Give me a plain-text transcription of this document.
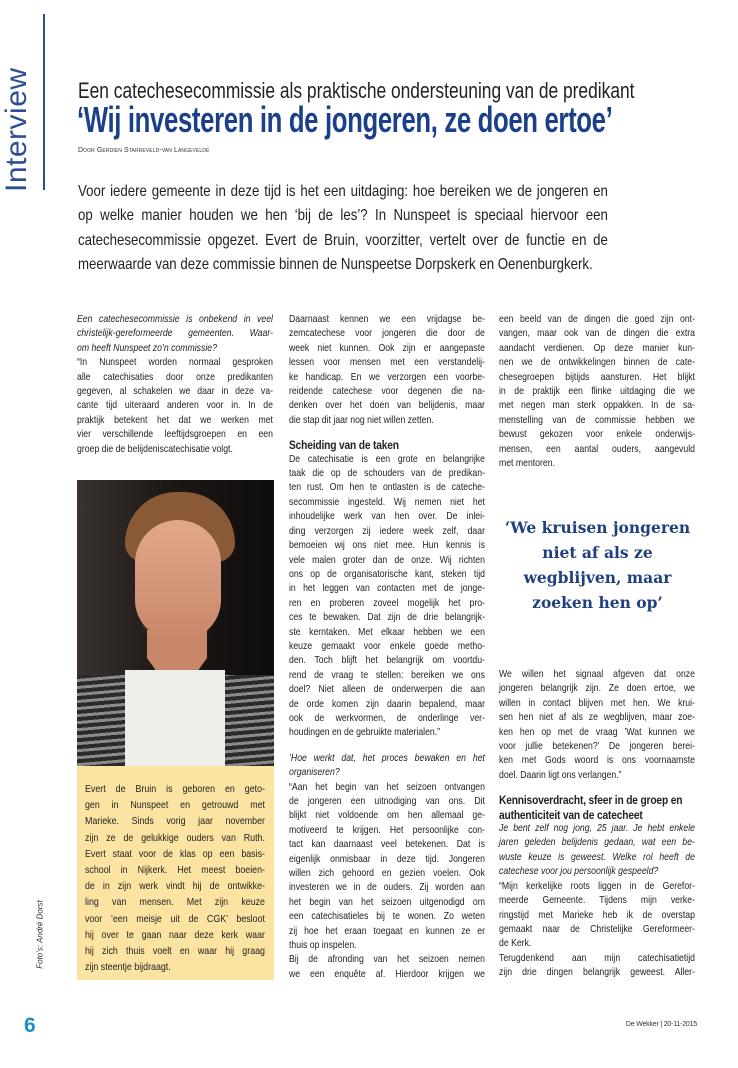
Interview Een catechesecommissie als praktische ondersteuning van de predikant
‘Wij investeren in de jongeren, ze doen ertoe’
Door Gerdien Starreveld-van Langevelde
Voor iedere gemeente in deze tijd is het een uitdaging: hoe bereiken we de jongeren en
op welke manier houden we hen ‘bij de les’? In Nunspeet is speciaal hiervoor een
catechesecommissie opgezet. Evert de Bruin, voorzitter, vertelt over de functie en de
meerwaarde van deze commissie binnen de Nunspeetse Dorpskerk en Oenenburgkerk.
Een catechesecommissie is onbekend in veel
christelijk-gereformeerde gemeenten. Waar-
om heeft Nunspeet zo’n commissie?
“In Nunspeet worden normaal gesproken
alle catechisaties door onze predikanten
gegeven, al schakelen we daar in deze va-
cante tijd uiteraard anderen voor in. In de
praktijk betekent het dat we werken met
vier verschillende leeftijdsgroepen en een
groep die de belijdeniscatechisatie volgt.
Daarnaast kennen we een vrijdagse be-
zemcatechese voor jongeren die door de
week niet kunnen. Ook zijn er aangepaste
lessen voor mensen met een verstandelij-
ke handicap. En we verzorgen een voorbe-
reidende catechese voor degenen die na-
denken over het doen van belijdenis, maar
die stap dit jaar nog niet willen zetten.
Scheiding van de taken
De catechisatie is een grote en belangrijke
taak die op de schouders van de predikan-
ten rust. Om hen te ontlasten is de cateche-
secommissie ingesteld. Wij nemen niet het
inhoudelijke werk van hen over. De inlei-
ding verzorgen zij iedere week zelf, daar
bemoeien wij ons niet mee. Hun kennis is
vele malen groter dan de onze. Wij richten
ons op de organisatorische kant, steken tijd
in het leggen van contacten met de jonge-
ren en proberen zoveel mogelijk het pro-
ces te bewaken. Dat zijn de drie belangrijk-
ste kerntaken. Met elkaar hebben we een
keuze gemaakt voor enkele goede metho-
den. Toch blijft het belangrijk om voortdu-
rend de vraag te stellen: bereiken we ons
doel? Niet alleen de onderwerpen die aan
de orde komen zijn daarin bepalend, maar
ook de werkvormen, de onderlinge ver-
houdingen en de gebruikte materialen.”
’Hoe werkt dat, het proces bewaken en het
organiseren?
“Aan het begin van het seizoen ontvangen
de jongeren een uitnodiging van ons. Dit
blijkt niet voldoende om hen allemaal ge-
motiveerd te krijgen. Het persoonlijke con-
tact kan daarnaast veel betekenen. Dat is
eigenlijk onmisbaar in deze tijd. Jongeren
willen zich gehoord en gezien voelen. Ook
investeren we in de ouders. Zij worden aan
het begin van het seizoen uitgenodigd om
een catechisatieles bij te wonen. Zo weten
zij hoe het eraan toegaat en kunnen ze er
thuis op inspelen.
Bij de afronding van het seizoen nemen
we een enquête af. Hierdoor krijgen we
een beeld van de dingen die goed zijn ont-
vangen, maar ook van de dingen die extra
aandacht verdienen. Op deze manier kun-
nen we de ontwikkelingen binnen de cate-
chesegroepen bijtijds aansturen. Het blijkt
in de praktijk een flinke uitdaging die we
met negen man sterk oppakken. In de sa-
menstelling van de commissie hebben we
bewust gekozen voor enkele onderwijs-
mensen, een aantal ouders, aangevuld
met mentoren.
‘We kruisen jongeren
niet af als ze
wegblijven, maar
zoeken hen op’
We willen het signaal afgeven dat onze
jongeren belangrijk zijn. Ze doen ertoe, we
willen in contact blijven met hen. We krui-
sen hen niet af als ze wegblijven, maar zoe-
ken hen op met de vraag ’Wat kunnen we
voor jullie betekenen?’ De jongeren berei-
ken met Gods woord is ons voornaamste
doel. Daarin ligt ons verlangen.”
Kennisoverdracht, sfeer in de groep en
authenticiteit van de catecheet
Je bent zelf nog jong, 25 jaar. Je hebt enkele
jaren geleden belijdenis gedaan, wat een be-
wuste keuze is geweest. Welke rol heeft de
catechese voor jou persoonlijk gespeeld?
“Mijn kerkelijke roots liggen in de Gerefor-
meerde Gemeente. Tijdens mijn verke-
ringstijd met Marieke heb ik de overstap
gemaakt naar de Christelijke Gereformeer-
de Kerk.
Terugdenkend aan mijn catechisatietijd
zijn drie dingen belangrijk geweest. Aller-
Evert de Bruin is geboren en geto-
gen in Nunspeet en getrouwd met
Marieke. Sinds vorig jaar november
zijn ze de gelukkige ouders van Ruth.
Evert staat voor de klas op een basis-
school in Nijkerk. Het meest boeien-
de in zijn werk vindt hij de ontwikke-
ling van mensen. Met zijn keuze
voor ’een meisje uit de CGK’ besloot
hij over te gaan naar deze kerk waar
hij zich thuis voelt en waar hij graag
zijn steentje bijdraagt.
Foto’s: André Dorst
6	De Wekker | 20-11-2015
